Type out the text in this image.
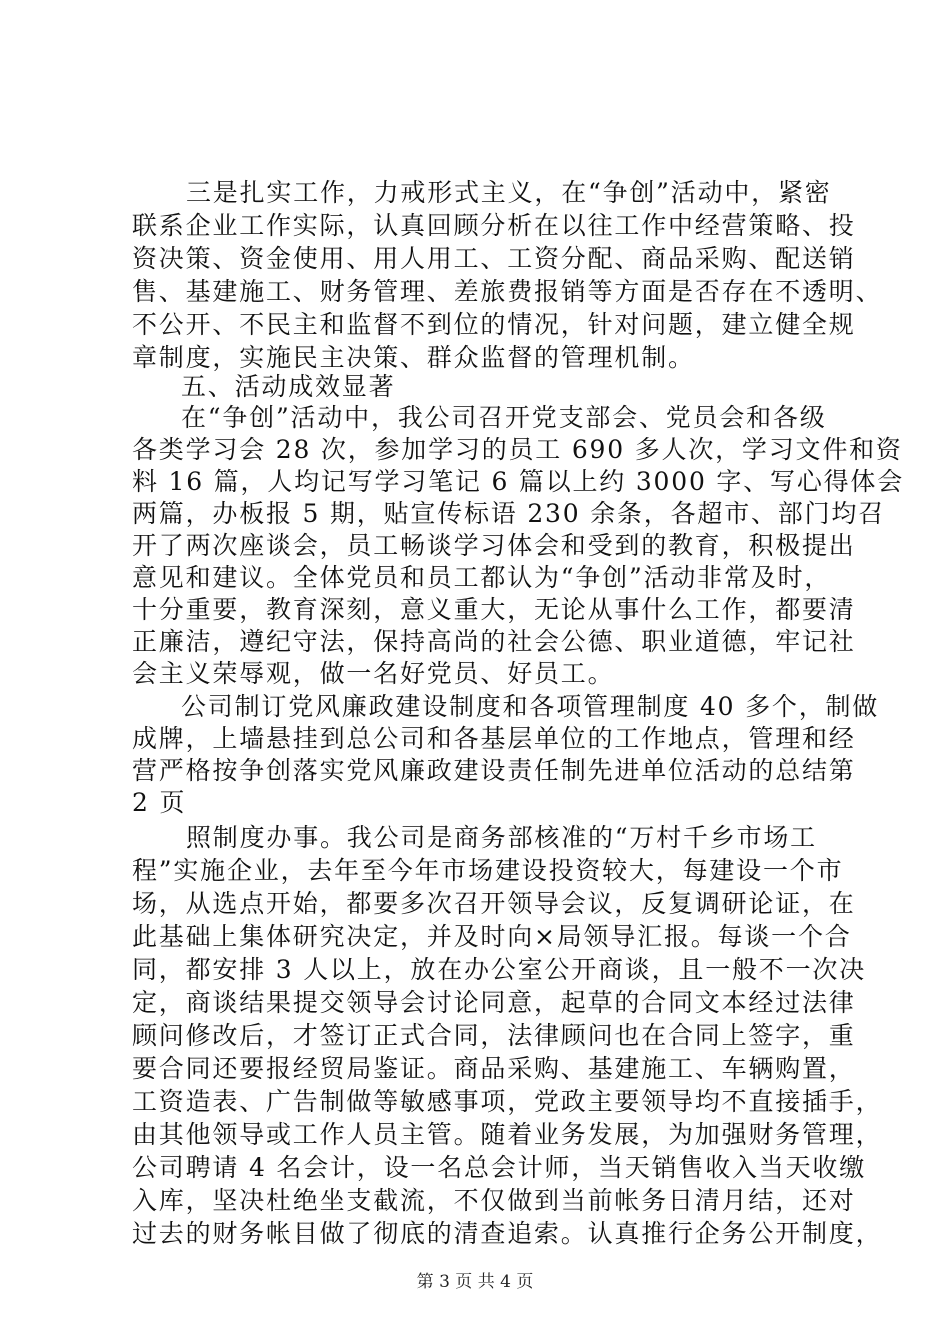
三是扎实工作，力戒形式主义，在“争创”活动中，紧密
联系企业工作实际，认真回顾分析在以往工作中经营策略、投
资决策、资金使用、用人用工、工资分配、商品采购、配送销
售、基建施工、财务管理、差旅费报销等方面是否存在不透明、
不公开、不民主和监督不到位的情况，针对问题，建立健全规
章制度，实施民主决策、群众监督的管理机制。
五、活动成效显著
在“争创”活动中，我公司召开党支部会、党员会和各级
各类学习会 28 次，参加学习的员工 690 多人次，学习文件和资
料 16 篇，人均记写学习笔记 6 篇以上约 3000 字、写心得体会
两篇，办板报 5 期，贴宣传标语 230 余条，各超市、部门均召
开了两次座谈会，员工畅谈学习体会和受到的教育，积极提出
意见和建议。全体党员和员工都认为“争创”活动非常及时，
十分重要，教育深刻，意义重大，无论从事什么工作，都要清
正廉洁，遵纪守法，保持高尚的社会公德、职业道德，牢记社
会主义荣辱观，做一名好党员、好员工。
公司制订党风廉政建设制度和各项管理制度 40 多个，制做
成牌，上墙悬挂到总公司和各基层单位的工作地点，管理和经
营严格按争创落实党风廉政建设责任制先进单位活动的总结第
2 页
照制度办事。我公司是商务部核准的“万村千乡市场工
程”实施企业，去年至今年市场建设投资较大，每建设一个市
场，从选点开始，都要多次召开领导会议，反复调研论证，在
此基础上集体研究决定，并及时向×局领导汇报。每谈一个合
同，都安排 3 人以上，放在办公室公开商谈，且一般不一次决
定，商谈结果提交领导会讨论同意，起草的合同文本经过法律
顾问修改后，才签订正式合同，法律顾问也在合同上签字，重
要合同还要报经贸局鉴证。商品采购、基建施工、车辆购置，
工资造表、广告制做等敏感事项，党政主要领导均不直接插手，
由其他领导或工作人员主管。随着业务发展，为加强财务管理，
公司聘请 4 名会计，设一名总会计师，当天销售收入当天收缴
入库，坚决杜绝坐支截流，不仅做到当前帐务日清月结，还对
过去的财务帐目做了彻底的清查追索。认真推行企务公开制度，
第 3 页 共 4 页
